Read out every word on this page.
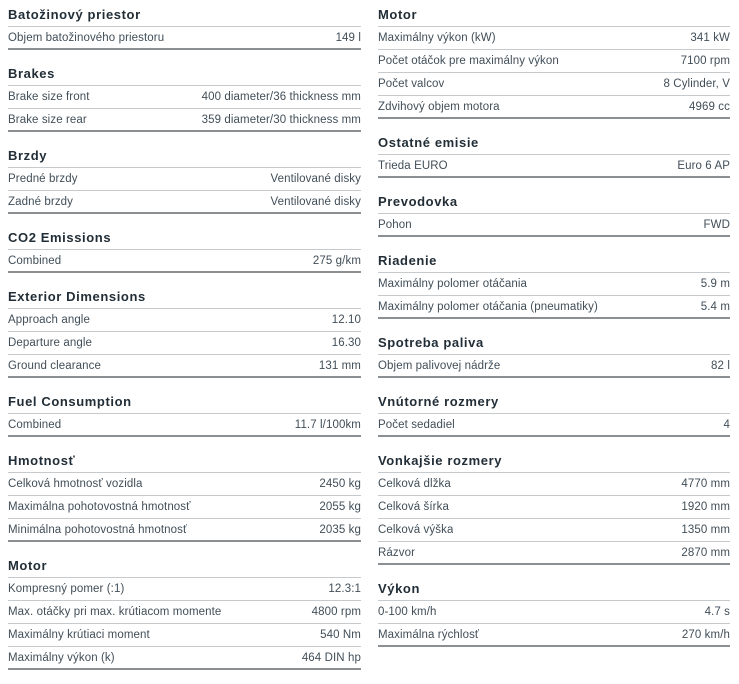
Batožinový priestor
Objem batožinového priestoru	149 l
Brakes
Brake size front	400 diameter/36 thickness mm
Brake size rear	359 diameter/30 thickness mm
Brzdy
Predné brzdy	Ventilované disky
Zadné brzdy	Ventilované disky
CO2 Emissions
Combined	275 g/km
Exterior Dimensions
Approach angle	12.10
Departure angle	16.30
Ground clearance	131 mm
Fuel Consumption
Combined	11.7 l/100km
Hmotnosť
Celková hmotnosť vozidla	2450 kg
Maximálna pohotovostná hmotnosť	2055 kg
Minimálna pohotovostná hmotnosť	2035 kg
Motor
Kompresný pomer (:1)	12.3:1
Max. otáčky pri max. krútiacom momente	4800 rpm
Maximálny krútiaci moment	540 Nm
Maximálny výkon (k)	464 DIN hp
Motor
Maximálny výkon (kW)	341 kW
Počet otáčok pre maximálny výkon	7100 rpm
Počet valcov	8 Cylinder, V
Zdvihový objem motora	4969 cc
Ostatné emisie
Trieda EURO	Euro 6 AP
Prevodovka
Pohon	FWD
Riadenie
Maximálny polomer otáčania	5.9 m
Maximálny polomer otáčania (pneumatiky)	5.4 m
Spotreba paliva
Objem palivovej nádrže	82 l
Vnútorné rozmery
Počet sedadiel	4
Vonkajšie rozmery
Celková dĺžka	4770 mm
Celková šírka	1920 mm
Celková výška	1350 mm
Rázvor	2870 mm
Výkon
0-100 km/h	4.7 s
Maximálna rýchlosť	270 km/h
